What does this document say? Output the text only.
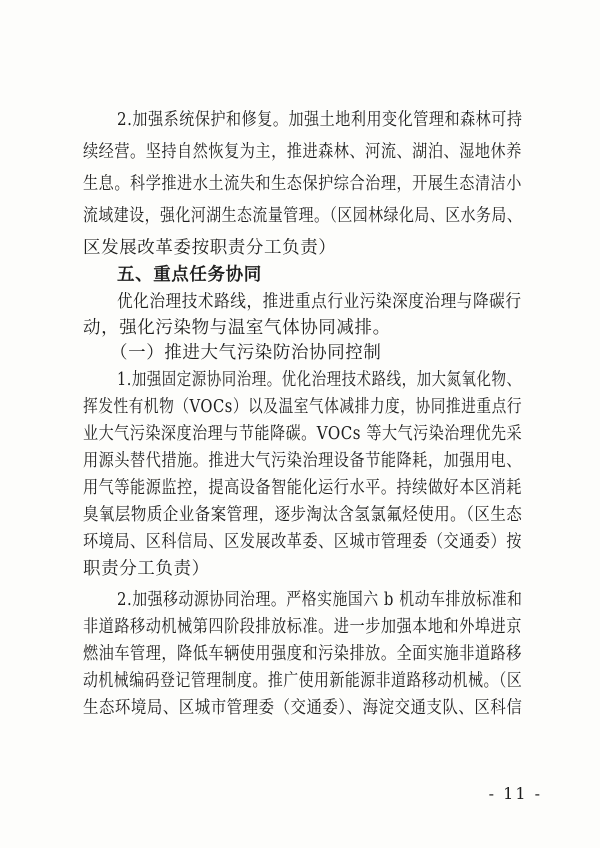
2.加强系统保护和修复。加强土地利用变化管理和森林可持
续经营。坚持自然恢复为主，推进森林、河流、湖泊、湿地休养
生息。科学推进水土流失和生态保护综合治理，开展生态清洁小
流域建设，强化河湖生态流量管理。（区园林绿化局、区水务局、
区发展改革委按职责分工负责）
五、重点任务协同
优化治理技术路线，推进重点行业污染深度治理与降碳行
动，强化污染物与温室气体协同减排。
（一）推进大气污染防治协同控制
1.加强固定源协同治理。优化治理技术路线，加大氮氧化物、
挥发性有机物（VOCs）以及温室气体减排力度，协同推进重点行
业大气污染深度治理与节能降碳。VOCs 等大气污染治理优先采
用源头替代措施。推进大气污染治理设备节能降耗，加强用电、
用气等能源监控，提高设备智能化运行水平。持续做好本区消耗
臭氧层物质企业备案管理，逐步淘汰含氢氯氟烃使用。（区生态
环境局、区科信局、区发展改革委、区城市管理委（交通委）按
职责分工负责）
2.加强移动源协同治理。严格实施国六 b 机动车排放标准和
非道路移动机械第四阶段排放标准。进一步加强本地和外埠进京
燃油车管理，降低车辆使用强度和污染排放。全面实施非道路移
动机械编码登记管理制度。推广使用新能源非道路移动机械。（区
生态环境局、区城市管理委（交通委）、海淀交通支队、区科信
- 11 -
